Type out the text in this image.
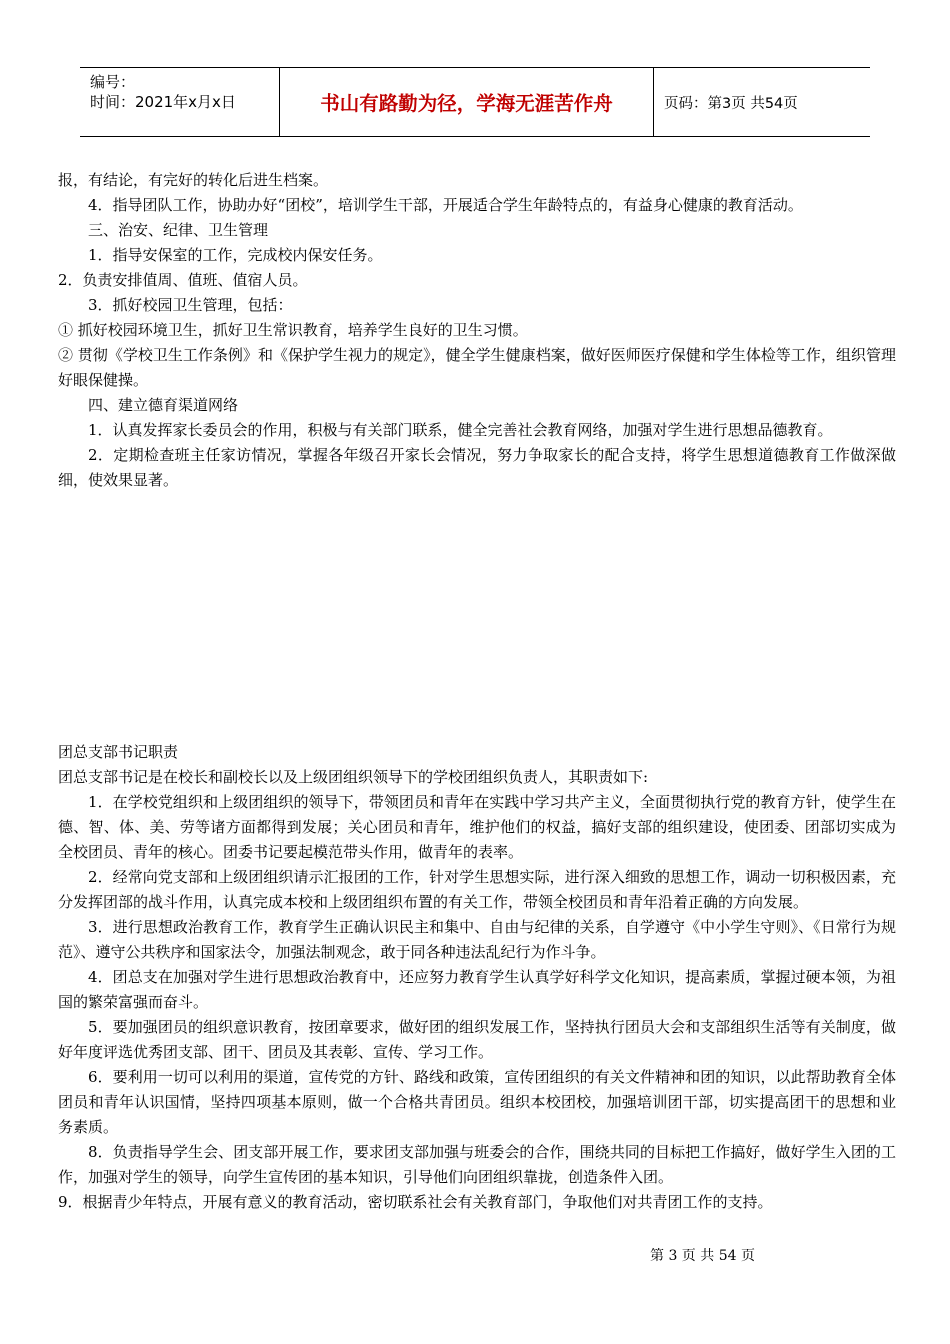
编号：
时间：2021年x月x日	书山有路勤为径，学海无涯苦作舟	页码：第3页 共54页

报，有结论，有完好的转化后进生档案。

4．指导团队工作，协助办好“团校”，培训学生干部，开展适合学生年龄特点的，有益身心健康的教育活动。

三、治安、纪律、卫生管理

1．指导安保室的工作，完成校内保安任务。

2．负责安排值周、值班、值宿人员。

3．抓好校园卫生管理，包括：

① 抓好校园环境卫生，抓好卫生常识教育，培养学生良好的卫生习惯。

② 贯彻《学校卫生工作条例》和《保护学生视力的规定》，健全学生健康档案，做好医师医疗保健和学生体检等工作，组织管理好眼保健操。

四、建立德育渠道网络

1．认真发挥家长委员会的作用，积极与有关部门联系，健全完善社会教育网络，加强对学生进行思想品德教育。

2．定期检查班主任家访情况，掌握各年级召开家长会情况，努力争取家长的配合支持，将学生思想道德教育工作做深做细，使效果显著。

团总支部书记职责

团总支部书记是在校长和副校长以及上级团组织领导下的学校团组织负责人，其职责如下:

1．在学校党组织和上级团组织的领导下，带领团员和青年在实践中学习共产主义，全面贯彻执行党的教育方针，使学生在德、智、体、美、劳等诸方面都得到发展；关心团员和青年，维护他们的权益，搞好支部的组织建设，使团委、团部切实成为全校团员、青年的核心。团委书记要起模范带头作用，做青年的表率。

2．经常向党支部和上级团组织请示汇报团的工作，针对学生思想实际，进行深入细致的思想工作，调动一切积极因素，充分发挥团部的战斗作用，认真完成本校和上级团组织布置的有关工作，带领全校团员和青年沿着正确的方向发展。

3．进行思想政治教育工作，教育学生正确认识民主和集中、自由与纪律的关系，自学遵守《中小学生守则》、《日常行为规范》、遵守公共秩序和国家法令，加强法制观念，敢于同各种违法乱纪行为作斗争。

4．团总支在加强对学生进行思想政治教育中，还应努力教育学生认真学好科学文化知识，提高素质，掌握过硬本领，为祖国的繁荣富强而奋斗。

5．要加强团员的组织意识教育，按团章要求，做好团的组织发展工作，坚持执行团员大会和支部组织生活等有关制度，做好年度评选优秀团支部、团干、团员及其表彰、宣传、学习工作。

6．要利用一切可以利用的渠道，宣传党的方针、路线和政策，宣传团组织的有关文件精神和团的知识，以此帮助教育全体团员和青年认识国情，坚持四项基本原则，做一个合格共青团员。组织本校团校，加强培训团干部，切实提高团干的思想和业务素质。

8．负责指导学生会、团支部开展工作，要求团支部加强与班委会的合作，围绕共同的目标把工作搞好，做好学生入团的工作，加强对学生的领导，向学生宣传团的基本知识，引导他们向团组织靠拢，创造条件入团。

9．根据青少年特点，开展有意义的教育活动，密切联系社会有关教育部门，争取他们对共青团工作的支持。

第 3 页 共 54 页
